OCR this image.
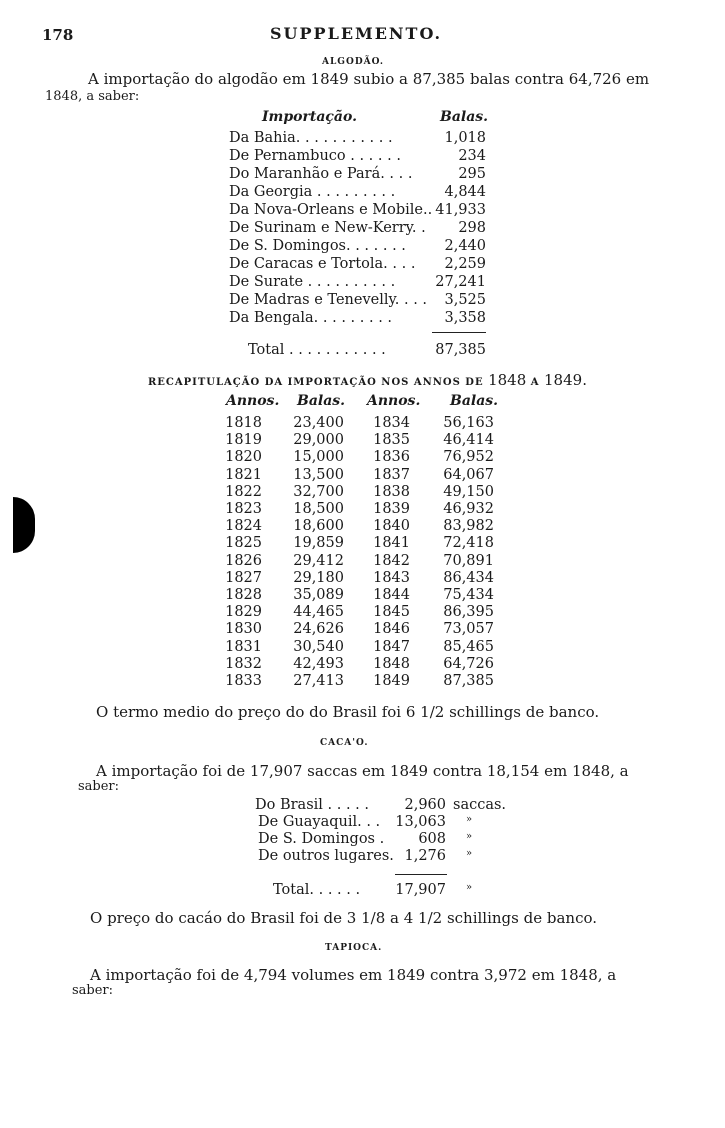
178	SUPPLEMENTO.
ALGODÃO.
A importação do algodão em 1849 subio a 87,385 balas contra 64,726 em
1848, a saber:
Importação.	Balas.
Da Bahia. . . . . . . . . . .	1,018
De Pernambuco . . . . . .	234
Do Maranhão e Pará. . . .	295
Da Georgia . . . . . . . . .	4,844
Da Nova-Orleans e Mobile.. 41,933
De Surinam e New-Kerry. .	298
De S. Domingos. . . . . . .	2,440
De Caracas e Tortola. . . .	2,259
De Surate . . . . . . . . . .	27,241
De Madras e Tenevelly. . . .	3,525
Da Bengala. . . . . . . . .	3,358
Total . . . . . . . . . . .	87,385
RECAPITULAÇÃO DA IMPORTAÇÃO NOS ANNOS DE 1848 A 1849.
Annos. Balas. Annos. Balas.
1818	23,400	1834	56,163
1819	29,000	1835	46,414
1820	15,000	1836	76,952
1821	13,500	1837	64,067
1822	32,700	1838	49,150
1823	18,500	1839	46,932
1824	18,600	1840	83,982
1825	19,859	1841	72,418
1826	29,412	1842	70,891
1827	29,180	1843	86,434
1828	35,089	1844	75,434
1829	44,465	1845	86,395
1830	24,626	1846	73,057
1831	30,540	1847	85,465
1832	42,493	1848	64,726
1833	27,413	1849	87,385
O termo medio do preço do do Brasil foi 6 1/2 schillings de banco.
CACA'O.
A importação foi de 17,907 saccas em 1849 contra 18,154 em 1848, a
saber:
Do Brasil . . . . .	2,960 saccas.
De Guayaquil. . .	13,063 »
De S. Domingos .	608 »
De outros lugares. 1,276 »
Total. . . . . .	17,907 »
O preço do cacáo do Brasil foi de 3 1/8 a 4 1/2 schillings de banco.
TAPIOCA.
A importação foi de 4,794 volumes em 1849 contra 3,972 em 1848, a
saber:
